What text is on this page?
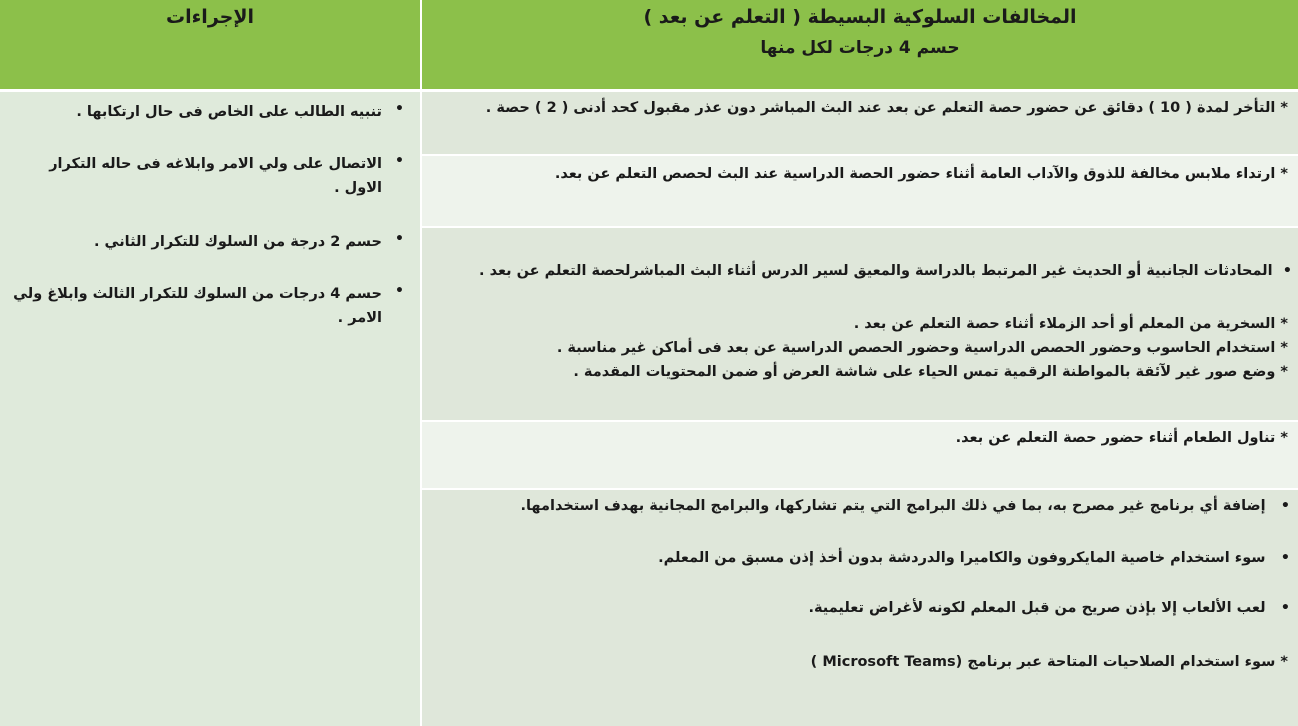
المخالفات السلوكية البسيطة ( التعلم عن بعد )
حسم 4 درجات لكل منها
الإجراءات
* التأخر لمدة ( 10 ) دقائق عن حضور حصة التعلم عن بعد عند البث المباشر دون عذر مقبول كحد أدنى ( 2 ) حصة .
* ارتداء ملابس مخالفة للذوق والآداب العامة أثناء حضور الحصة الدراسية عند البث لحصص التعلم عن بعد.
•  المحادثات الجانبية أو الحديث غير المرتبط بالدراسة والمعيق لسير الدرس أثناء البث المباشرلحصة التعلم عن بعد .
* السخرية من المعلم أو أحد الزملاء أثناء حصة التعلم عن بعد .
* استخدام الحاسوب وحضور الحصص الدراسية وحضور الحصص الدراسية عن بعد فى أماكن غير مناسبة .
* وضع صور غير لآئقة بالمواطنة الرقمية تمس الحياء على شاشة العرض أو ضمن المحتويات المقدمة .
* تناول الطعام أثناء حضور حصة التعلم عن بعد.
•   إضافة أي برنامج غير مصرح به، بما في ذلك البرامج التي يتم تشاركها، والبرامج المجانية بهدف استخدامها.
•   سوء استخدام خاصية المايكروفون والكاميرا والدردشة بدون أخذ إذن مسبق من المعلم.
•   لعب الألعاب إلا بإذن صريح من قبل المعلم لكونه لأغراض تعليمية.
* سوء استخدام الصلاحيات المتاحة عبر برنامج (Microsoft Teams )
•
تنبيه الطالب على الخاص فى حال ارتكابها .
•
الاتصال على ولي الامر وابلاغه فى حاله التكرار الاول .
•
حسم 2 درجة من السلوك للتكرار الثاني .
•
حسم 4 درجات من السلوك للتكرار الثالث وابلاغ ولي الامر .
